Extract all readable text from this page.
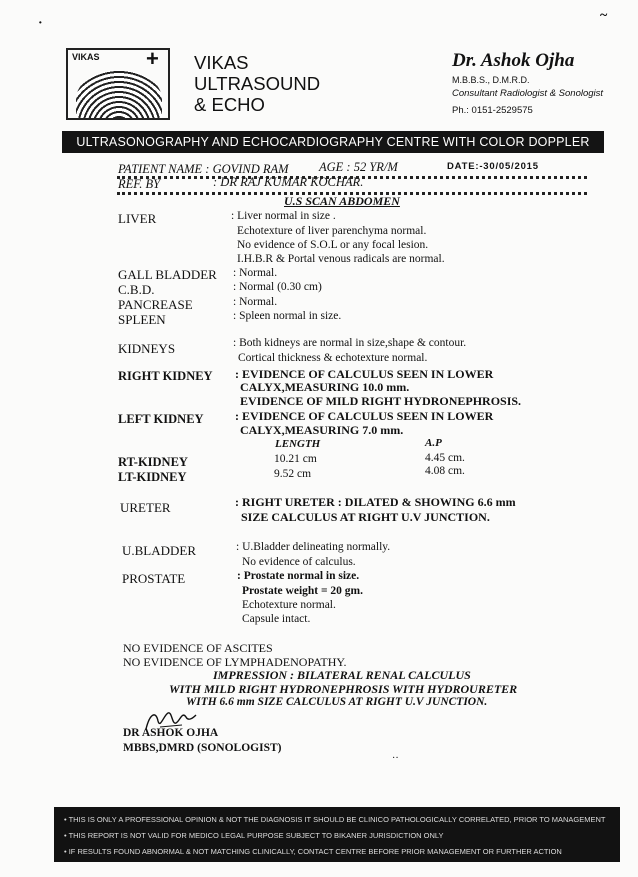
·
~
VIKAS + VIKAS
ULTRASOUND
& ECHO
Dr. Ashok Ojha
M.B.B.S., D.M.R.D.
Consultant Radiologist & Sonologist
Ph.: 0151-2529575
ULTRASONOGRAPHY AND ECHOCARDIOGRAPHY CENTRE WITH COLOR DOPPLER
PATIENT NAME : GOVIND RAM AGE : 52 YR/M	DATE:-30/05/2015
REF. BY	: DR RAJ KUMAR KOCHAR.
U.S SCAN ABDOMEN
LIVER	: Liver normal in size .
Echotexture of liver parenchyma normal.
No evidence of S.O.L or any focal lesion.
I.H.B.R & Portal venous radicals are normal.
GALL BLADDER : Normal.
C.B.D.	: Normal (0.30 cm)
PANCREASE	: Normal.
SPLEEN	: Spleen normal in size.
KIDNEYS	: Both kidneys are normal in size,shape & contour.
Cortical thickness & echotexture normal.
RIGHT KIDNEY : EVIDENCE OF CALCULUS SEEN IN LOWER
CALYX,MEASURING 10.0 mm.
EVIDENCE OF MILD RIGHT HYDRONEPHROSIS.
LEFT KIDNEY	: EVIDENCE OF CALCULUS SEEN IN LOWER
CALYX,MEASURING 7.0 mm.
LENGTH	A.P
RT-KIDNEY	10.21 cm	4.45 cm.
LT-KIDNEY	9.52 cm	4.08 cm.
URETER	: RIGHT URETER : DILATED & SHOWING 6.6 mm
SIZE CALCULUS AT RIGHT U.V JUNCTION.
U.BLADDER	: U.Bladder delineating normally.
No evidence of calculus.
PROSTATE	: Prostate normal in size.
Prostate weight = 20 gm.
Echotexture normal.
Capsule intact.
NO EVIDENCE OF ASCITES
NO EVIDENCE OF LYMPHADENOPATHY.
IMPRESSION : BILATERAL RENAL CALCULUS
WITH MILD RIGHT HYDRONEPHROSIS WITH HYDROURETER
WITH 6.6 mm SIZE CALCULUS AT RIGHT U.V JUNCTION.
DR ASHOK OJHA
MBBS,DMRD (SONOLOGIST)
··
• THIS IS ONLY A PROFESSIONAL OPINION & NOT THE DIAGNOSIS IT SHOULD BE CLINICO PATHOLOGICALLY CORRELATED, PRIOR TO MANAGEMENT
• THIS REPORT IS NOT VALID FOR MEDICO LEGAL PURPOSE SUBJECT TO BIKANER JURISDICTION ONLY
• IF RESULTS FOUND ABNORMAL & NOT MATCHING CLINICALLY, CONTACT CENTRE BEFORE PRIOR MANAGEMENT OR FURTHER ACTION
